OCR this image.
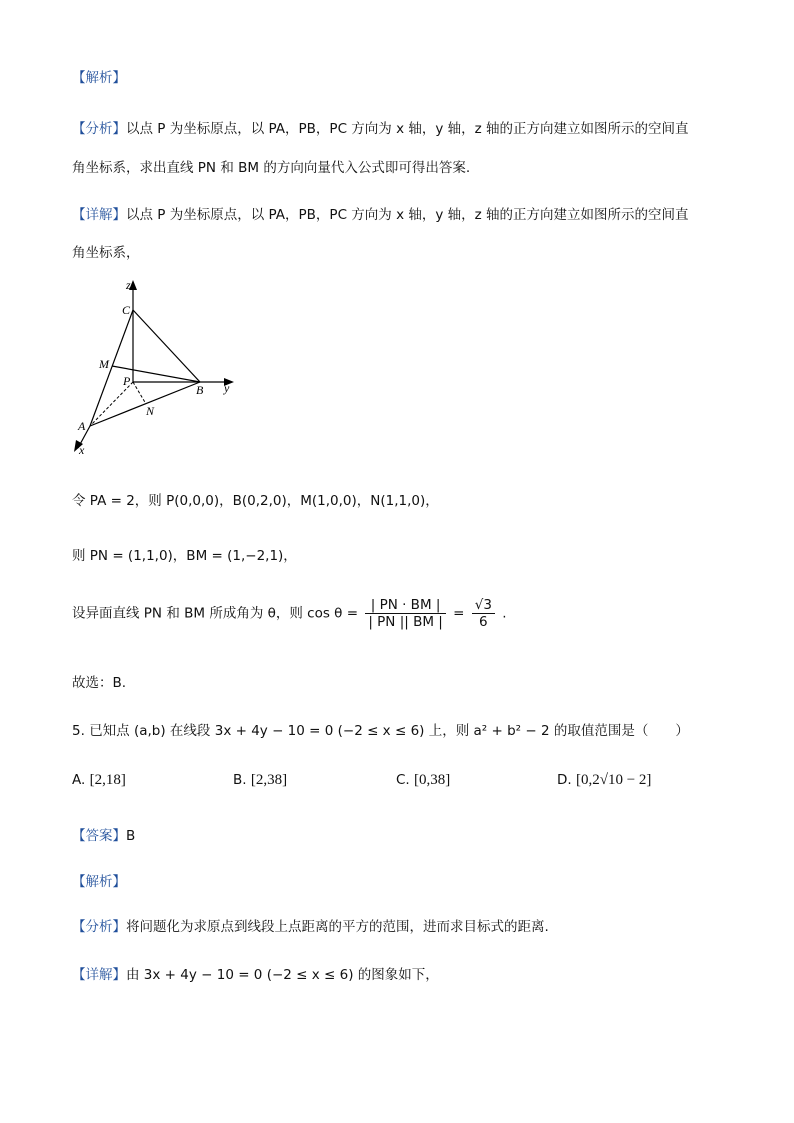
【解析】
【分析】以点 P 为坐标原点，以 PA，PB，PC 方向为 x 轴，y 轴，z 轴的正方向建立如图所示的空间直
角坐标系，求出直线 PN 和 BM 的方向向量代入公式即可得出答案.
【详解】以点 P 为坐标原点，以 PA，PB，PC 方向为 x 轴，y 轴，z 轴的正方向建立如图所示的空间直
角坐标系，
z
C
M
P
B y
N
A
x
令 PA = 2，则 P(0,0,0)，B(0,2,0)，M(1,0,0)，N(1,1,0)，
则 PN = (1,1,0)，BM = (1,−2,1)，
设异面直线 PN 和 BM 所成角为 θ，则 $\cos \theta = \frac{| PN \cdot BM |}{| PN || BM |} = \frac{√3}{6}$ .
故选：B.
5. 已知点 (a,b) 在线段 3x + 4y − 10 = 0 (−2 ≤ x ≤ 6) 上，则 a² + b² − 2 的取值范围是（　　）
A. [2,18]	B. [2,38]	C. [0,38]	D. [0,2√10 − 2]
【答案】B
【解析】
【分析】将问题化为求原点到线段上点距离的平方的范围，进而求目标式的距离.
【详解】由 3x + 4y − 10 = 0 (−2 ≤ x ≤ 6) 的图象如下，
